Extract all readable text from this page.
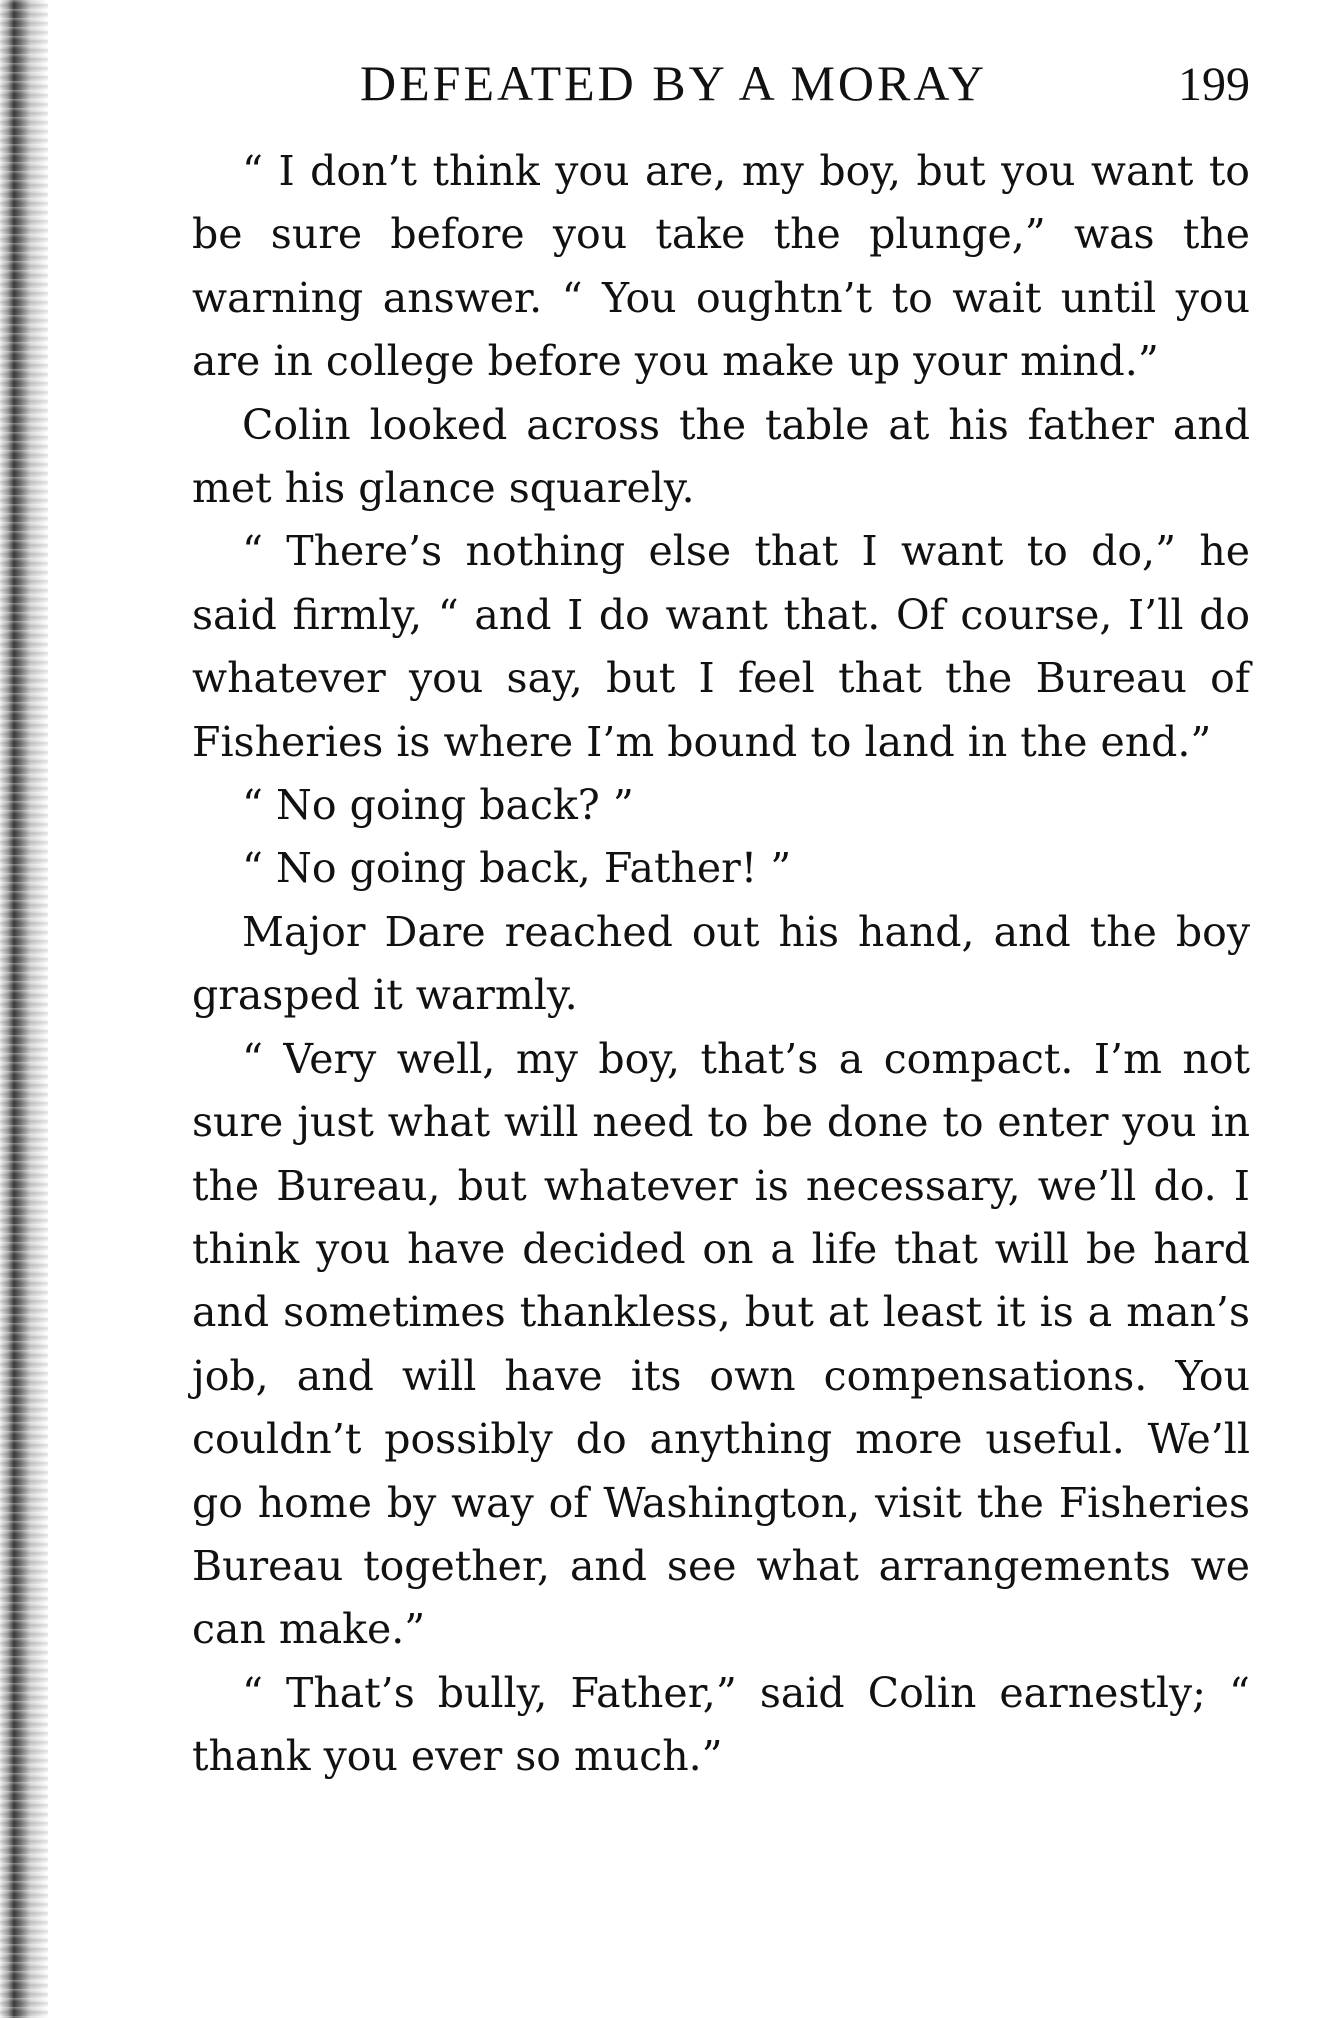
DEFEATED BY A MORAY	199

“ I don’t think you are, my boy, but you want to be sure before you take the plunge,” was the warning answer. “ You oughtn’t to wait until you are in college before you make up your mind.”

Colin looked across the table at his father and met his glance squarely.

“ There’s nothing else that I want to do,” he said firmly, “ and I do want that. Of course, I’ll do whatever you say, but I feel that the Bureau of Fisheries is where I’m bound to land in the end.”

“ No going back? ”

“ No going back, Father! ”

Major Dare reached out his hand, and the boy grasped it warmly.

“ Very well, my boy, that’s a compact. I’m not sure just what will need to be done to enter you in the Bureau, but whatever is necessary, we’ll do. I think you have decided on a life that will be hard and sometimes thankless, but at least it is a man’s job, and will have its own compensations. You couldn’t possibly do anything more useful. We’ll go home by way of Washington, visit the Fisheries Bureau together, and see what arrangements we can make.”

“ That’s bully, Father,” said Colin earnestly; “ thank you ever so much.”
